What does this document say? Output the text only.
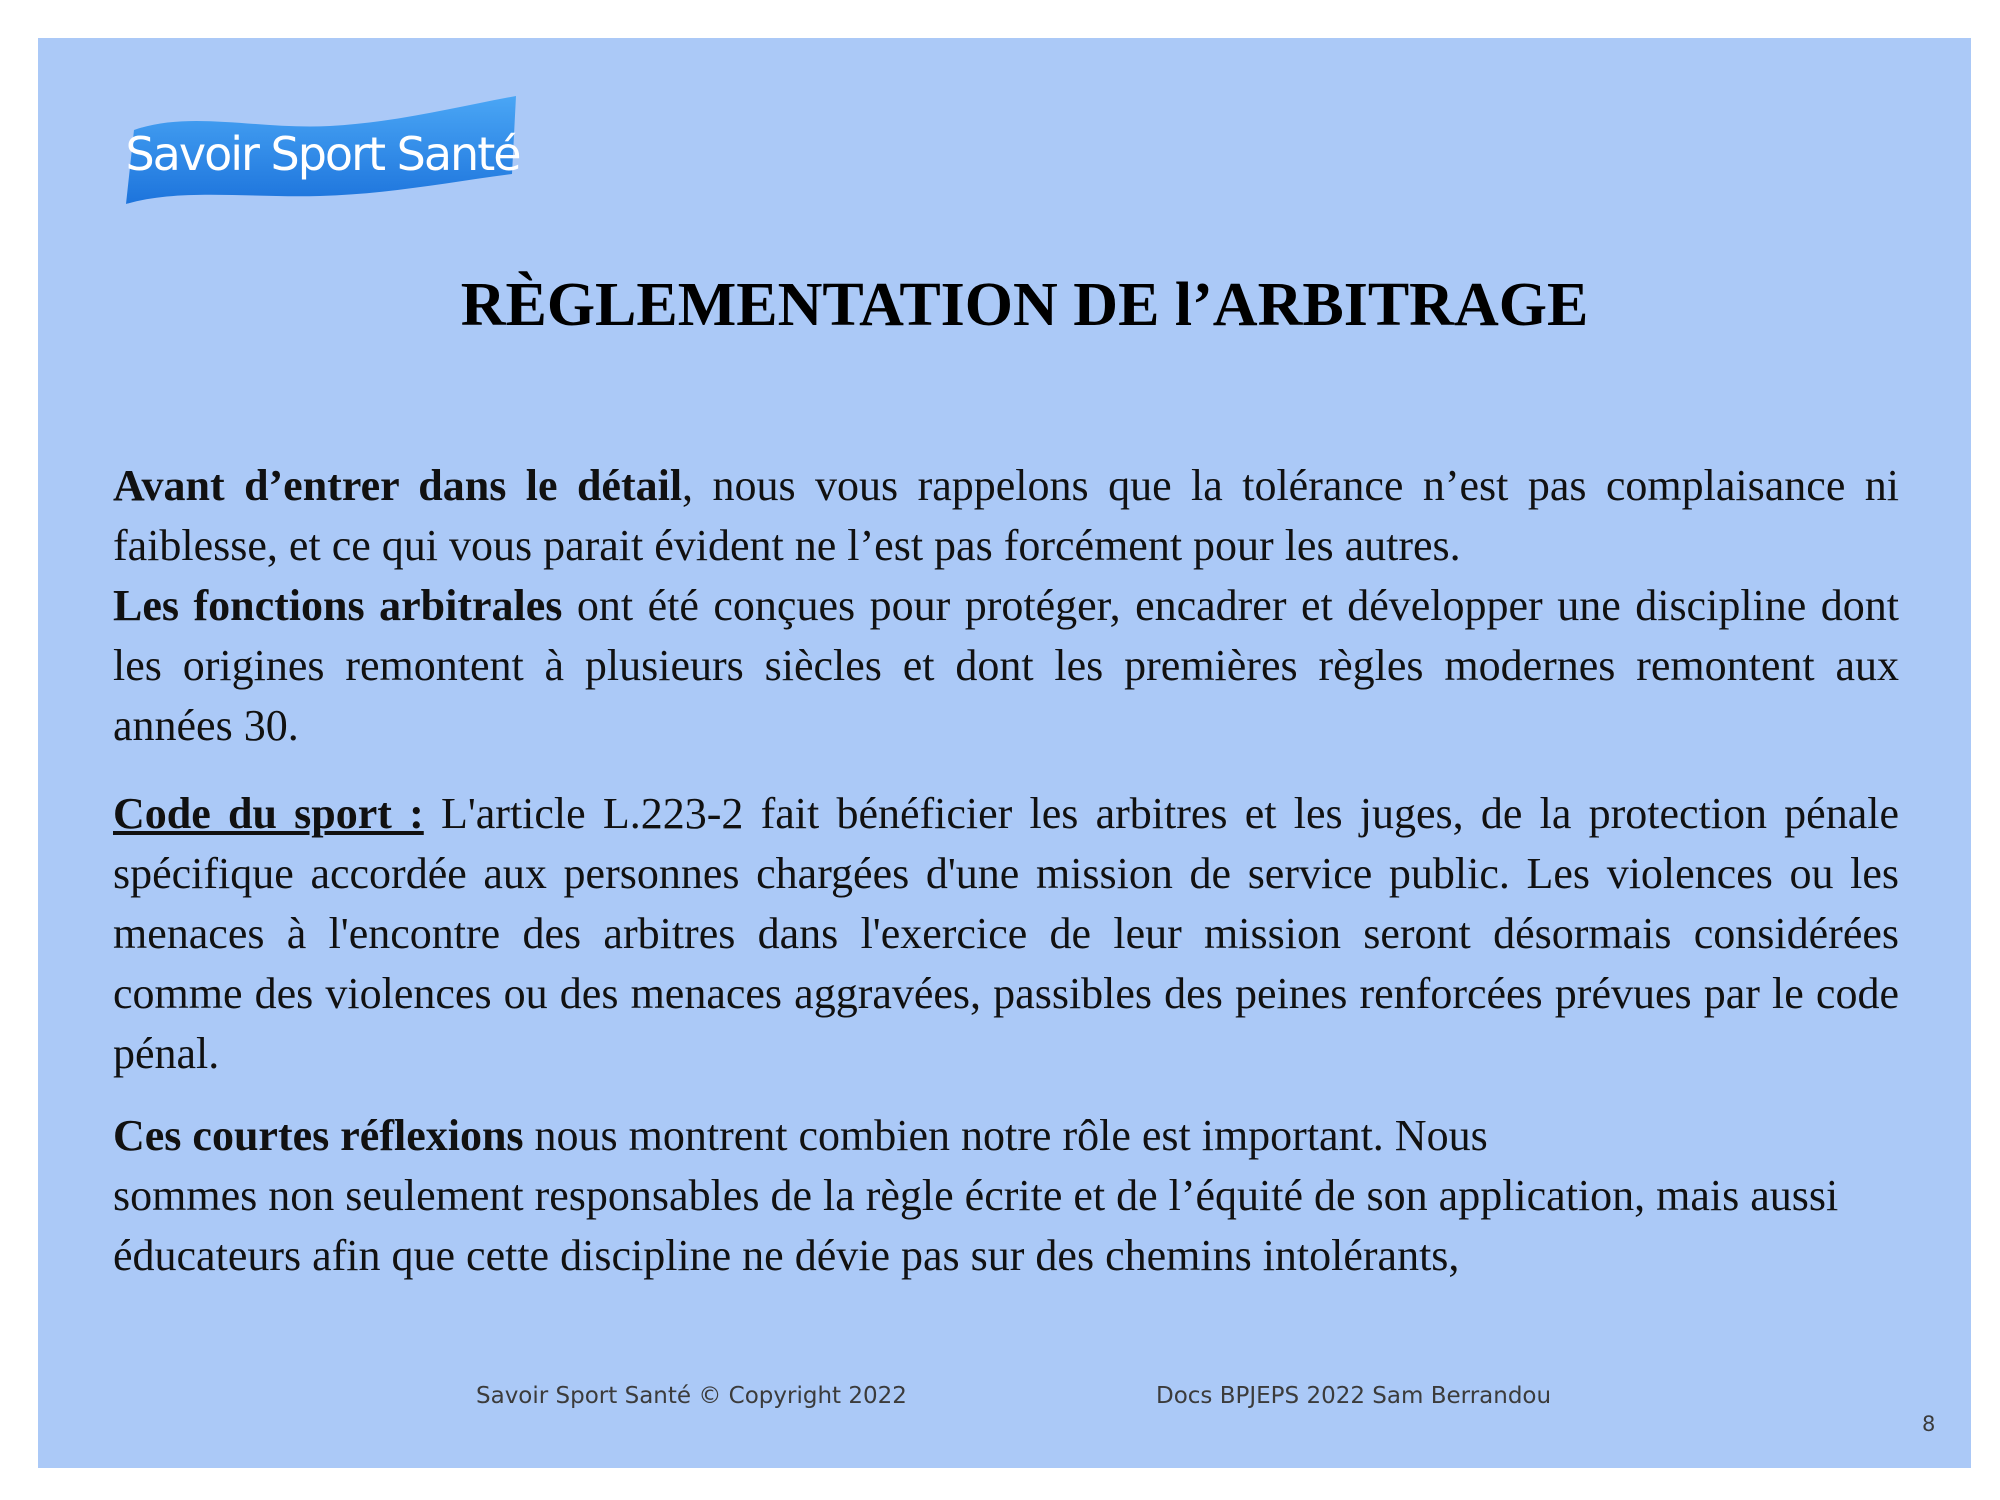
Savoir Sport Santé
RÈGLEMENTATION DE l’ARBITRAGE

Avant d’entrer dans le détail, nous vous rappelons que la tolérance n’est pas complaisance ni faiblesse, et ce qui vous parait évident ne l’est pas forcément pour les autres.

Les fonctions arbitrales ont été conçues pour protéger, encadrer et développer une discipline dont les origines remontent à plusieurs siècles et dont les premières règles modernes remontent aux années 30.

Code du sport : L'article L.223-2 fait bénéficier les arbitres et les juges, de la protection pénale spécifique accordée aux personnes chargées d'une mission de service public. Les violences ou les menaces à l'encontre des arbitres dans l'exercice de leur mission seront désormais considérées comme des violences ou des menaces aggravées, passibles des peines renforcées prévues par le code pénal.

Ces courtes réflexions nous montrent combien notre rôle est important. Nous
sommes non seulement responsables de la règle écrite et de l’équité de son application, mais aussi éducateurs afin que cette discipline ne dévie pas sur des chemins intolérants,

Savoir Sport Santé © Copyright 2022	Docs BPJEPS 2022 Sam Berrandou
8
